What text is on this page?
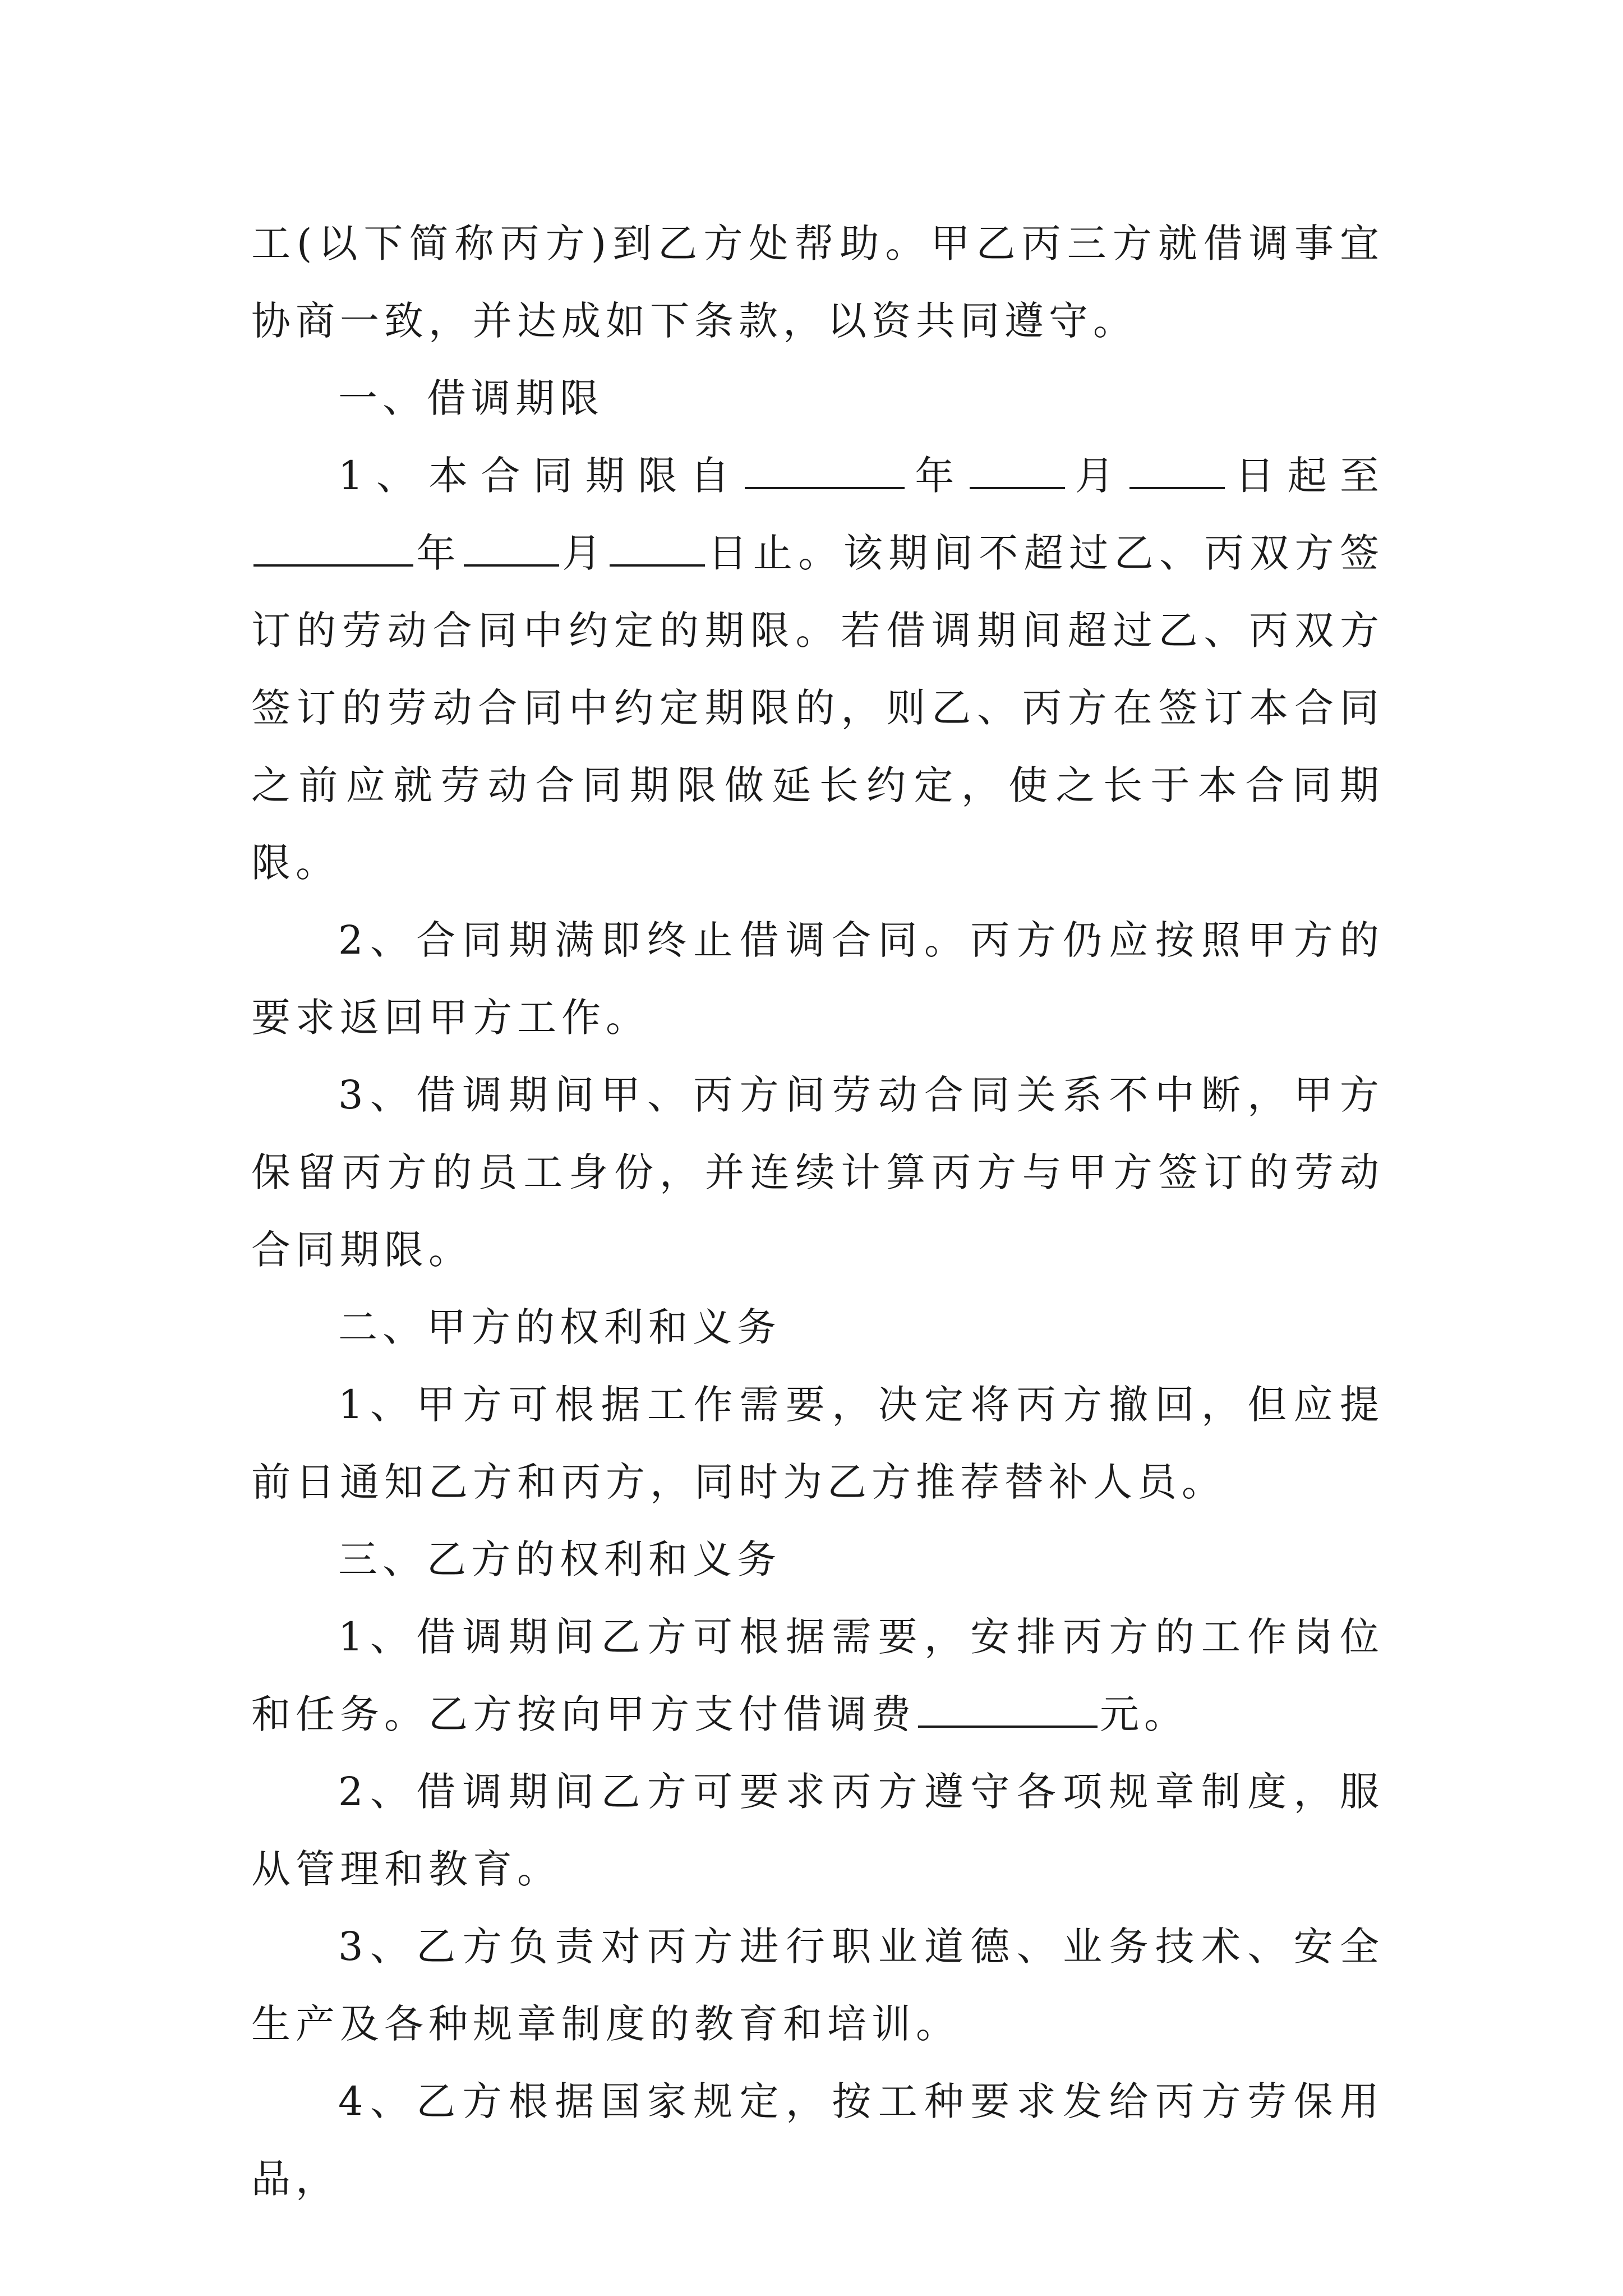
工(以下简称丙方)到乙方处帮助。甲乙丙三方就借调事宜协商一致，并达成如下条款，以资共同遵守。

一、借调期限

1、本合同期限自	年	月	日起至年	月	日止。该期间不超过乙、丙双方签订的劳动合同中约定的期限。若借调期间超过乙、丙双方签订的劳动合同中约定期限的，则乙、丙方在签订本合同之前应就劳动合同期限做延长约定，使之长于本合同期限。

2、合同期满即终止借调合同。丙方仍应按照甲方的要求返回甲方工作。

3、借调期间甲、丙方间劳动合同关系不中断，甲方保留丙方的员工身份，并连续计算丙方与甲方签订的劳动合同期限。

二、甲方的权利和义务

1、甲方可根据工作需要，决定将丙方撤回，但应提前日通知乙方和丙方，同时为乙方推荐替补人员。

三、乙方的权利和义务

1、借调期间乙方可根据需要，安排丙方的工作岗位和任务。乙方按向甲方支付借调费	元。

2、借调期间乙方可要求丙方遵守各项规章制度，服从管理和教育。

3、乙方负责对丙方进行职业道德、业务技术、安全生产及各种规章制度的教育和培训。

4、乙方根据国家规定，按工种要求发给丙方劳保用品，
